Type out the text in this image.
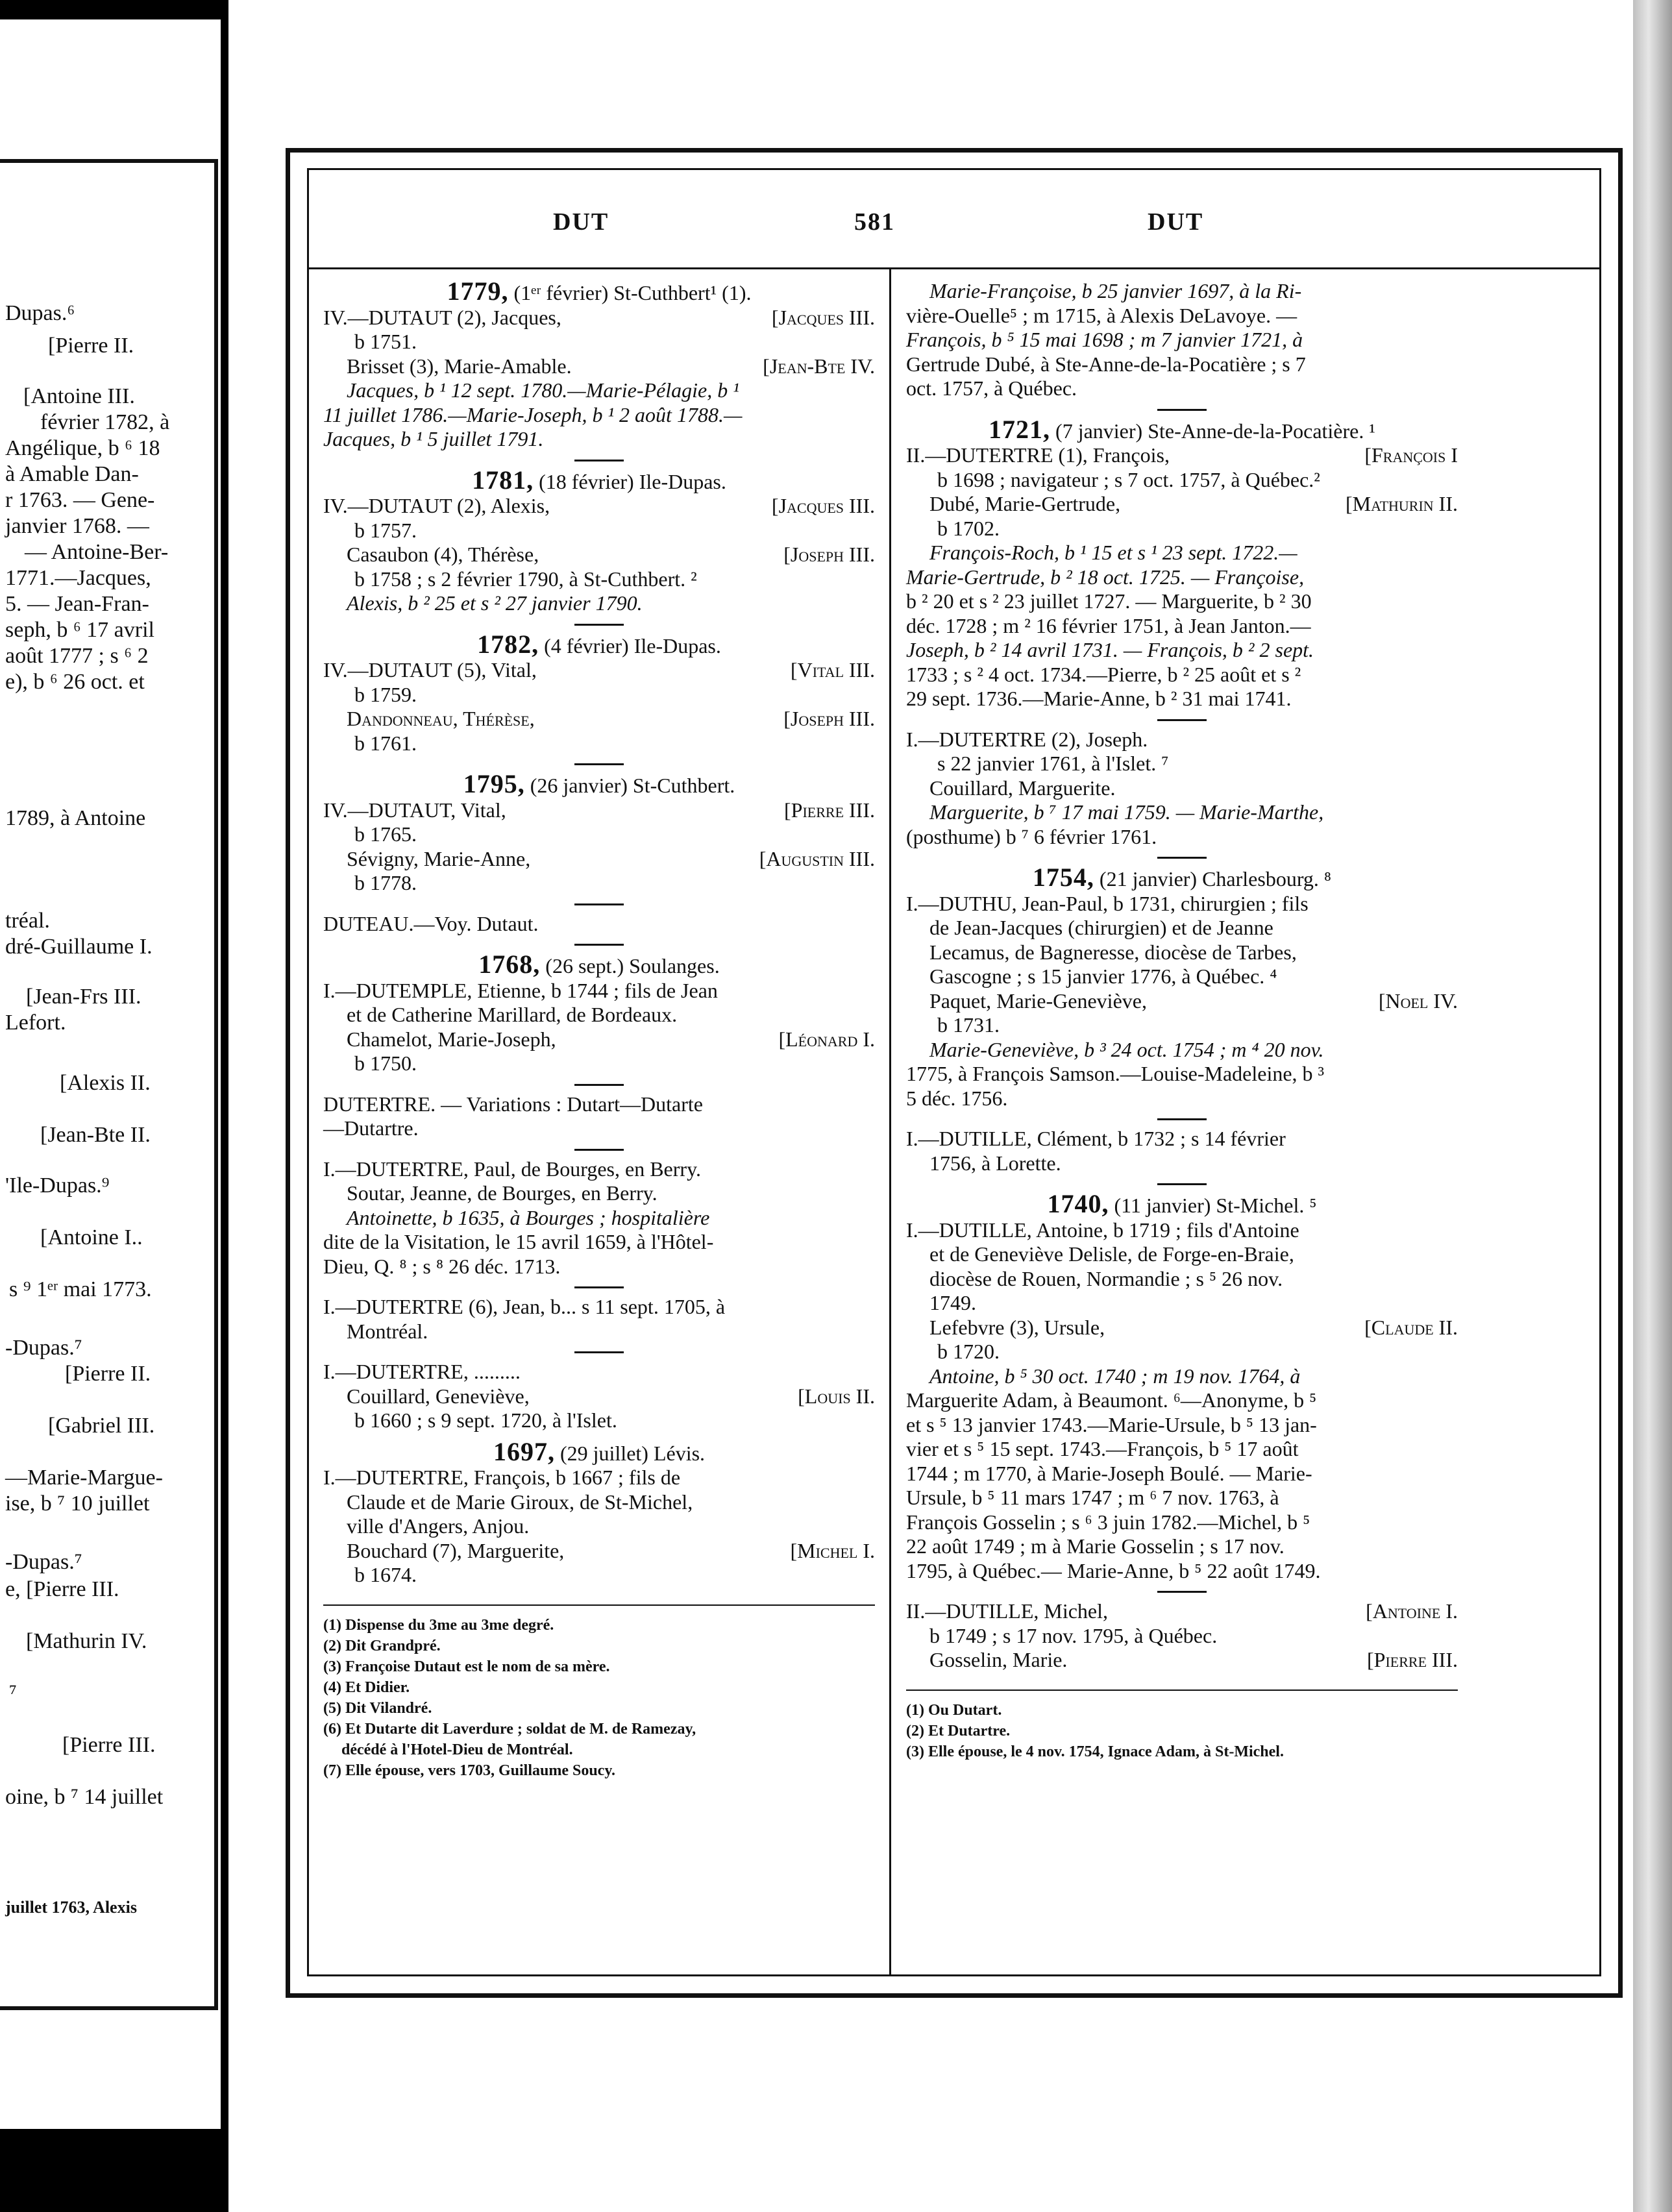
Dupas.⁶
[Pierre II.
[Antoine III.
février 1782, à
Angélique, b ⁶ 18
à Amable Dan-
r 1763. — Gene-
janvier 1768. —
— Antoine-Ber-
1771.—Jacques,
5. — Jean-Fran-
seph, b ⁶ 17 avril
août 1777 ; s ⁶ 2
e), b ⁶ 26 oct. et
1789, à Antoine
tréal.
dré-Guillaume I.
[Jean-Frs III.
Lefort.
[Alexis II.
[Jean-Bte II.
'Ile-Dupas.⁹
[Antoine I..
s ⁹ 1ᵉʳ mai 1773.
-Dupas.⁷
[Pierre II.
[Gabriel III.
—Marie-Margue-
ise, b ⁷ 10 juillet
-Dupas.⁷
e, [Pierre III.
[Mathurin IV.
⁷
[Pierre III.
oine, b ⁷ 14 juillet
juillet 1763, Alexis
DUT	581	DUT
1779, (1ᵉʳ février) St-Cuthbert¹ (1).
IV.—DUTAUT (2), Jacques,	[Jacques III.
b 1751.
Brisset (3), Marie-Amable.	[Jean-Bte IV.
Jacques, b ¹ 12 sept. 1780.—Marie-Pélagie, b ¹
11 juillet 1786.—Marie-Joseph, b ¹ 2 août 1788.—
Jacques, b ¹ 5 juillet 1791.
1781, (18 février) Ile-Dupas.
IV.—DUTAUT (2), Alexis,	[Jacques III.
b 1757.
Casaubon (4), Thérèse,	[Joseph III.
b 1758 ; s 2 février 1790, à St-Cuthbert. ²
Alexis, b ² 25 et s ² 27 janvier 1790.
1782, (4 février) Ile-Dupas.
IV.—DUTAUT (5), Vital,	[Vital III.
b 1759.
Dandonneau, Thérèse,	[Joseph III.
b 1761.
1795, (26 janvier) St-Cuthbert.
IV.—DUTAUT, Vital,	[Pierre III.
b 1765.
Sévigny, Marie-Anne,	[Augustin III.
b 1778.
DUTEAU.—Voy. Dutaut.
1768, (26 sept.) Soulanges.
I.—DUTEMPLE, Etienne, b 1744 ; fils de Jean
et de Catherine Marillard, de Bordeaux.
Chamelot, Marie-Joseph,	[Léonard I.
b 1750.
DUTERTRE. — Variations : Dutart—Dutarte
—Dutartre.
I.—DUTERTRE, Paul, de Bourges, en Berry.
Soutar, Jeanne, de Bourges, en Berry.
Antoinette, b 1635, à Bourges ; hospitalière
dite de la Visitation, le 15 avril 1659, à l'Hôtel-
Dieu, Q. ⁸ ; s ⁸ 26 déc. 1713.
I.—DUTERTRE (6), Jean, b... s 11 sept. 1705, à
Montréal.
I.—DUTERTRE, .........
Couillard, Geneviève,	[Louis II.
b 1660 ; s 9 sept. 1720, à l'Islet.
1697, (29 juillet) Lévis.
I.—DUTERTRE, François, b 1667 ; fils de
Claude et de Marie Giroux, de St-Michel,
ville d'Angers, Anjou.
Bouchard (7), Marguerite,	[Michel I.
b 1674.
(1) Dispense du 3me au 3me degré.
(2) Dit Grandpré.
(3) Françoise Dutaut est le nom de sa mère.
(4) Et Didier.
(5) Dit Vilandré.
(6) Et Dutarte dit Laverdure ; soldat de M. de Ramezay,
décédé à l'Hotel-Dieu de Montréal.
(7) Elle épouse, vers 1703, Guillaume Soucy.
Marie-Françoise, b 25 janvier 1697, à la Ri-
vière-Ouelle⁵ ; m 1715, à Alexis DeLavoye. —
François, b ⁵ 15 mai 1698 ; m 7 janvier 1721, à
Gertrude Dubé, à Ste-Anne-de-la-Pocatière ; s 7
oct. 1757, à Québec.
1721, (7 janvier) Ste-Anne-de-la-Pocatière. ¹
II.—DUTERTRE (1), François,	[François I
b 1698 ; navigateur ; s 7 oct. 1757, à Québec.²
Dubé, Marie-Gertrude,	[Mathurin II.
b 1702.
François-Roch, b ¹ 15 et s ¹ 23 sept. 1722.—
Marie-Gertrude, b ² 18 oct. 1725. — Françoise,
b ² 20 et s ² 23 juillet 1727. — Marguerite, b ² 30
déc. 1728 ; m ² 16 février 1751, à Jean Janton.—
Joseph, b ² 14 avril 1731. — François, b ² 2 sept.
1733 ; s ² 4 oct. 1734.—Pierre, b ² 25 août et s ²
29 sept. 1736.—Marie-Anne, b ² 31 mai 1741.
I.—DUTERTRE (2), Joseph.
s 22 janvier 1761, à l'Islet. ⁷
Couillard, Marguerite.
Marguerite, b ⁷ 17 mai 1759. — Marie-Marthe,
(posthume) b ⁷ 6 février 1761.
1754, (21 janvier) Charlesbourg. ⁸
I.—DUTHU, Jean-Paul, b 1731, chirurgien ; fils
de Jean-Jacques (chirurgien) et de Jeanne
Lecamus, de Bagneresse, diocèse de Tarbes,
Gascogne ; s 15 janvier 1776, à Québec. ⁴
Paquet, Marie-Geneviève,	[Noel IV.
b 1731.
Marie-Geneviève, b ³ 24 oct. 1754 ; m ⁴ 20 nov.
1775, à François Samson.—Louise-Madeleine, b ³
5 déc. 1756.
I.—DUTILLE, Clément, b 1732 ; s 14 février
1756, à Lorette.
1740, (11 janvier) St-Michel. ⁵
I.—DUTILLE, Antoine, b 1719 ; fils d'Antoine
et de Geneviève Delisle, de Forge-en-Braie,
diocèse de Rouen, Normandie ; s ⁵ 26 nov.
1749.
Lefebvre (3), Ursule,	[Claude II.
b 1720.
Antoine, b ⁵ 30 oct. 1740 ; m 19 nov. 1764, à
Marguerite Adam, à Beaumont. ⁶—Anonyme, b ⁵
et s ⁵ 13 janvier 1743.—Marie-Ursule, b ⁵ 13 jan-
vier et s ⁵ 15 sept. 1743.—François, b ⁵ 17 août
1744 ; m 1770, à Marie-Joseph Boulé. — Marie-
Ursule, b ⁵ 11 mars 1747 ; m ⁶ 7 nov. 1763, à
François Gosselin ; s ⁶ 3 juin 1782.—Michel, b ⁵
22 août 1749 ; m à Marie Gosselin ; s 17 nov.
1795, à Québec.— Marie-Anne, b ⁵ 22 août 1749.
II.—DUTILLE, Michel,	[Antoine I.
b 1749 ; s 17 nov. 1795, à Québec.
Gosselin, Marie.	[Pierre III.
(1) Ou Dutart.
(2) Et Dutartre.
(3) Elle épouse, le 4 nov. 1754, Ignace Adam, à St-Michel.
